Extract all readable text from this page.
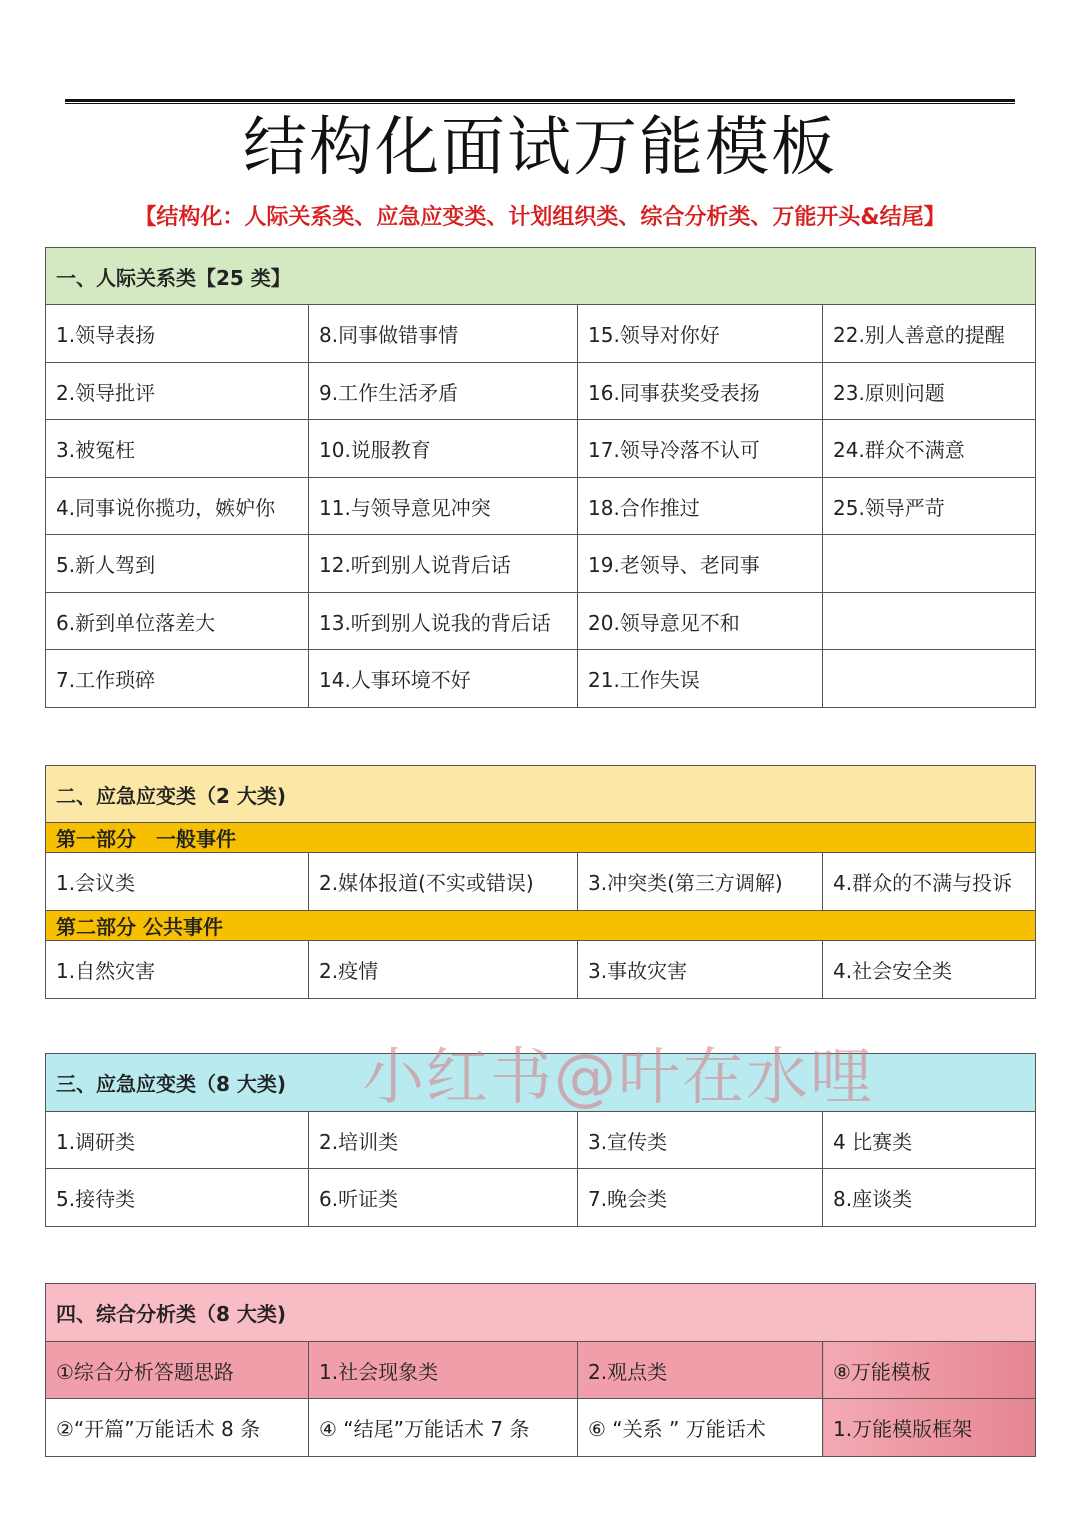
结构化面试万能模板
【结构化：人际关系类、应急应变类、计划组织类、综合分析类、万能开头&结尾】
一、人际关系类【25 类】			
1.领导表扬	8.同事做错事情	15.领导对你好	22.别人善意的提醒
2.领导批评	9.工作生活矛盾	16.同事获奖受表扬	23.原则问题
3.被冤枉	10.说服教育	17.领导冷落不认可	24.群众不满意
4.同事说你揽功，嫉妒你	11.与领导意见冲突	18.合作推过	25.领导严苛
5.新人驾到	12.听到别人说背后话	19.老领导、老同事	
6.新到单位落差大	13.听到别人说我的背后话	20.领导意见不和	
7.工作琐碎	14.人事环境不好	21.工作失误	
二、应急应变类（2 大类)			
第一部分　一般事件			
1.会议类	2.媒体报道(不实或错误)	3.冲突类(第三方调解)	4.群众的不满与投诉
第二部分 公共事件			
1.自然灾害	2.疫情	3.事故灾害	4.社会安全类
三、应急应变类（8 大类)			
1.调研类	2.培训类	3.宣传类	4 比赛类
5.接待类	6.听证类	7.晚会类	8.座谈类
四、综合分析类（8 大类)			
①综合分析答题思路	1.社会现象类	2.观点类	⑧万能模板
②“开篇”万能话术 8 条	④ “结尾”万能话术 7 条	⑥ “关系 ” 万能话术	1.万能模版框架
小红书@叶在水哩
